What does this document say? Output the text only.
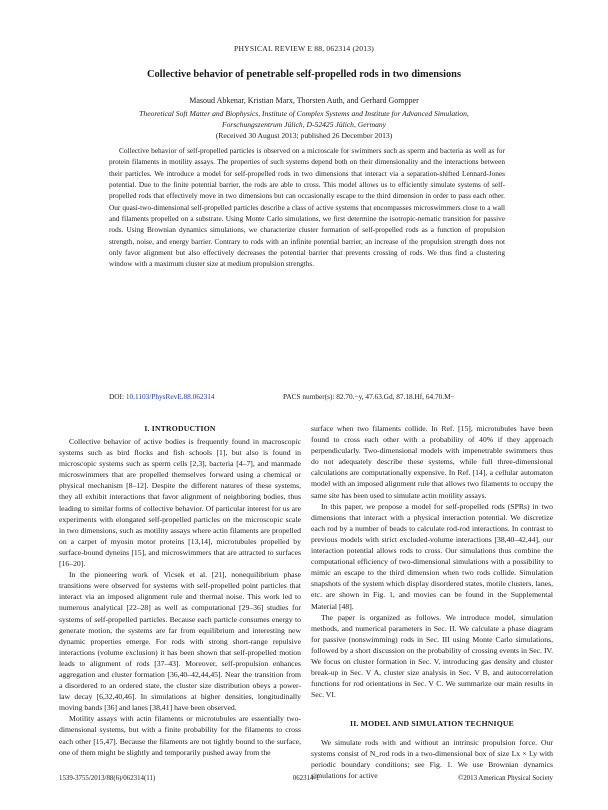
PHYSICAL REVIEW E 88, 062314 (2013)
Collective behavior of penetrable self-propelled rods in two dimensions
Masoud Abkenar, Kristian Marx, Thorsten Auth, and Gerhard Gompper
Theoretical Soft Matter and Biophysics, Institute of Complex Systems and Institute for Advanced Simulation,
Forschungszentrum Jülich, D-52425 Jülich, Germany
(Received 30 August 2013; published 26 December 2013)
Collective behavior of self-propelled particles is observed on a microscale for swimmers such as sperm and bacteria as well as for protein filaments in motility assays. The properties of such systems depend both on their dimensionality and the interactions between their particles. We introduce a model for self-propelled rods in two dimensions that interact via a separation-shifted Lennard-Jones potential. Due to the finite potential barrier, the rods are able to cross. This model allows us to efficiently simulate systems of self-propelled rods that effectively move in two dimensions but can occasionally escape to the third dimension in order to pass each other. Our quasi-two-dimensional self-propelled particles describe a class of active systems that encompasses microswimmers close to a wall and filaments propelled on a substrate. Using Monte Carlo simulations, we first determine the isotropic-nematic transition for passive rods. Using Brownian dynamics simulations, we characterize cluster formation of self-propelled rods as a function of propulsion strength, noise, and energy barrier. Contrary to rods with an infinite potential barrier, an increase of the propulsion strength does not only favor alignment but also effectively decreases the potential barrier that prevents crossing of rods. We thus find a clustering window with a maximum cluster size at medium propulsion strengths.
DOI: 10.1103/PhysRevE.88.062314	PACS number(s): 82.70.−y, 47.63.Gd, 87.18.Hf, 64.70.M−
I. INTRODUCTION

Collective behavior of active bodies is frequently found in macroscopic systems such as bird flocks and fish schools [1], but also is found in microscopic systems such as sperm cells [2,3], bacteria [4–7], and manmade microswimmers that are propelled themselves forward using a chemical or physical mechanism [8–12]. Despite the different natures of these systems, they all exhibit interactions that favor alignment of neighboring bodies, thus leading to similar forms of collective behavior. Of particular interest for us are experiments with elongated self-propelled particles on the microscopic scale in two dimensions, such as motility assays where actin filaments are propelled on a carpet of myosin motor proteins [13,14], microtubules propelled by surface-bound dyneins [15], and microswimmers that are attracted to surfaces [16–20].

In the pioneering work of Vicsek et al. [21], nonequilibrium phase transitions were observed for systems with self-propelled point particles that interact via an imposed alignment rule and thermal noise. This work led to numerous analytical [22–28] as well as computational [29–36] studies for systems of self-propelled particles. Because each particle consumes energy to generate motion, the systems are far from equilibrium and interesting new dynamic properties emerge. For rods with strong short-range repulsive interactions (volume exclusion) it has been shown that self-propelled motion leads to alignment of rods [37–43]. Moreover, self-propulsion enhances aggregation and cluster formation [36,40–42,44,45]. Near the transition from a disordered to an ordered state, the cluster size distribution obeys a power-law decay [6,32,40,46]. In simulations at higher densities, longitudinally moving bands [36] and lanes [38,41] have been observed.

Motility assays with actin filaments or microtubules are essentially two-dimensional systems, but with a finite probability for the filaments to cross each other [15,47]. Because the filaments are not tightly bound to the surface, one of them might be slightly and temporarily pushed away from the

surface when two filaments collide. In Ref. [15], microtubules have been found to cross each other with a probability of 40% if they approach perpendicularly. Two-dimensional models with impenetrable swimmers thus do not adequately describe these systems, while full three-dimensional calculations are computationally expensive. In Ref. [14], a cellular automaton model with an imposed alignment rule that allows two filaments to occupy the same site has been used to simulate actin motility assays.

In this paper, we propose a model for self-propelled rods (SPRs) in two dimensions that interact with a physical interaction potential. We discretize each rod by a number of beads to calculate rod-rod interactions. In contrast to previous models with strict excluded-volume interactions [38,40–42,44], our interaction potential allows rods to cross. Our simulations thus combine the computational efficiency of two-dimensional simulations with a possibility to mimic an escape to the third dimension when two rods collide. Simulation snapshots of the system which display disordered states, motile clusters, lanes, etc. are shown in Fig. 1, and movies can be found in the Supplemental Material [48].

The paper is organized as follows. We introduce model, simulation methods, and numerical parameters in Sec. II. We calculate a phase diagram for passive (nonswimming) rods in Sec. III using Monte Carlo simulations, followed by a short discussion on the probability of crossing events in Sec. IV. We focus on cluster formation in Sec. V, introducing gas density and cluster break-up in Sec. V A, cluster size analysis in Sec. V B, and autocorrelation functions for rod orientations in Sec. V C. We summarize our main results in Sec. VI.

II. MODEL AND SIMULATION TECHNIQUE

We simulate rods with and without an intrinsic propulsion force. Our systems consist of N_rod rods in a two-dimensional box of size Lx × Ly with periodic boundary conditions; see Fig. 1. We use Brownian dynamics simulations for active

1539-3755/2013/88(6)/062314(11)	062314-1	©2013 American Physical Society
